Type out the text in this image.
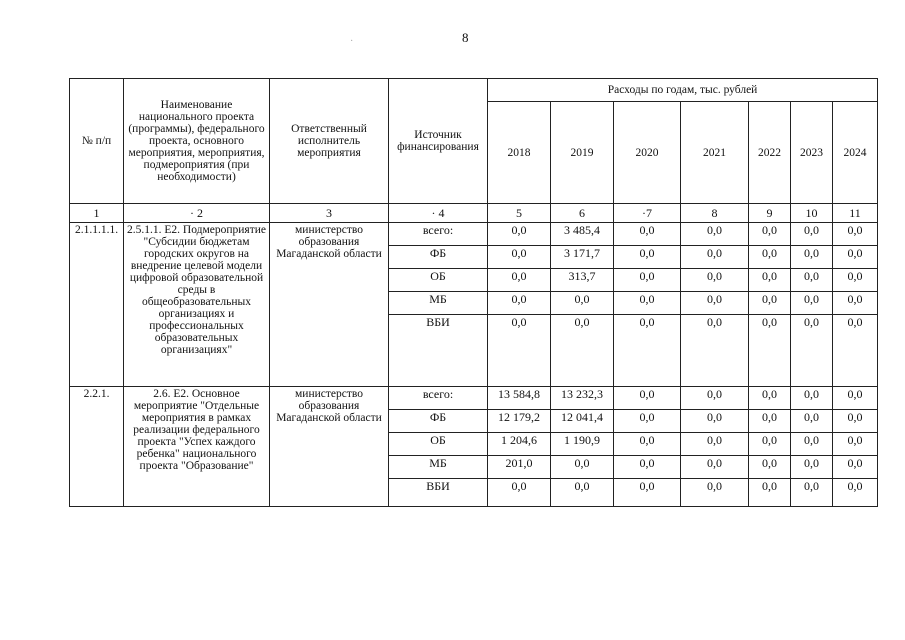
8
№ п/п	Наименование национального проекта (программы), федерального проекта, основного мероприятия, мероприятия, подмероприятия (при необходимости)	Ответственный исполнитель мероприятия	Источник финансирования	Расходы по годам, тыс. рублей						
				2018	2019	2020	2021	2022	2023	2024
1	· 2	3	· 4	5	6	·7	8	9	10	11
2.1.1.1.1.	2.5.1.1. Е2. Подмероприятие "Субсидии бюджетам городских округов на внедрение целевой модели цифровой образовательной среды в общеобразовательных организациях и профессиональных образовательных организациях"	министерство образования Магаданской области	всего:	0,0	3 485,4	0,0	0,0	0,0	0,0	0,0
			ФБ	0,0	3 171,7	0,0	0,0	0,0	0,0	0,0
			ОБ	0,0	313,7	0,0	0,0	0,0	0,0	0,0
			МБ	0,0	0,0	0,0	0,0	0,0	0,0	0,0
			ВБИ	0,0	0,0	0,0	0,0	0,0	0,0	0,0
2.2.1.	2.6. Е2. Основное мероприятие "Отдельные мероприятия в рамках реализации федерального проекта "Успех каждого ребенка" национального проекта "Образование"	министерство образования Магаданской области	всего:	13 584,8	13 232,3	0,0	0,0	0,0	0,0	0,0
			ФБ	12 179,2	12 041,4	0,0	0,0	0,0	0,0	0,0
			ОБ	1 204,6	1 190,9	0,0	0,0	0,0	0,0	0,0
			МБ	201,0	0,0	0,0	0,0	0,0	0,0	0,0
			ВБИ	0,0	0,0	0,0	0,0	0,0	0,0	0,0
·
